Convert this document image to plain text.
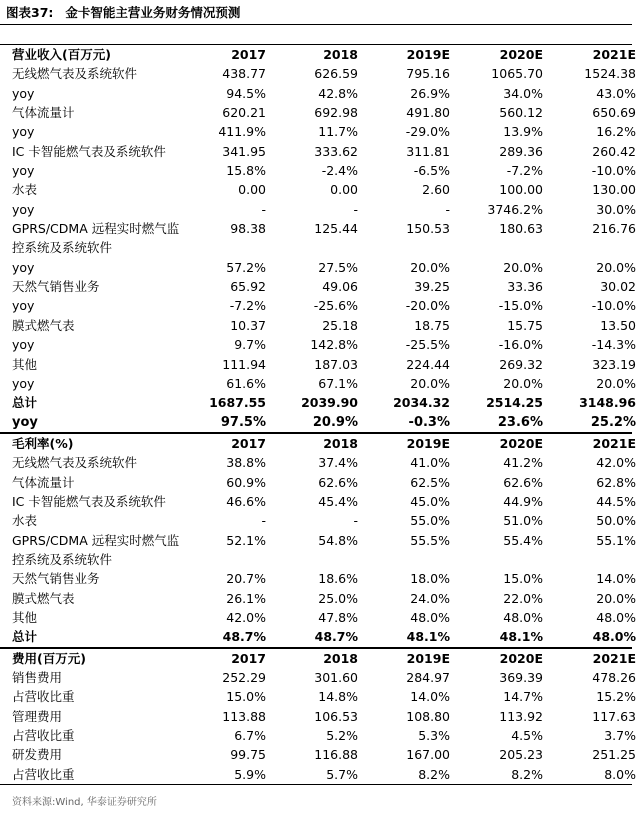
图表37: 金卡智能主营业务财务情况预测
营业收入(百万元)	2017	2018	2019E	2020E	2021E
无线燃气表及系统软件	438.77	626.59	795.16	1065.70	1524.38
yoy	94.5%	42.8%	26.9%	34.0%	43.0%
气体流量计	620.21	692.98	491.80	560.12	650.69
yoy	411.9%	11.7%	-29.0%	13.9%	16.2%
IC 卡智能燃气表及系统软件	341.95	333.62	311.81	289.36	260.42
yoy	15.8%	-2.4%	-6.5%	-7.2%	-10.0%
水表	0.00	0.00	2.60	100.00	130.00
yoy	-	-	-	3746.2%	30.0%
GPRS/CDMA 远程实时燃气监	98.38	125.44	150.53	180.63	216.76
控系统及系统软件
yoy	57.2%	27.5%	20.0%	20.0%	20.0%
天然气销售业务	65.92	49.06	39.25	33.36	30.02
yoy	-7.2%	-25.6%	-20.0%	-15.0%	-10.0%
膜式燃气表	10.37	25.18	18.75	15.75	13.50
yoy	9.7%	142.8%	-25.5%	-16.0%	-14.3%
其他	111.94	187.03	224.44	269.32	323.19
yoy	61.6%	67.1%	20.0%	20.0%	20.0%
总计	1687.55	2039.90	2034.32	2514.25	3148.96
yoy	97.5%	20.9%	-0.3%	23.6%	25.2%
毛利率(%)	2017	2018	2019E	2020E	2021E
无线燃气表及系统软件	38.8%	37.4%	41.0%	41.2%	42.0%
气体流量计	60.9%	62.6%	62.5%	62.6%	62.8%
IC 卡智能燃气表及系统软件	46.6%	45.4%	45.0%	44.9%	44.5%
水表	-	-	55.0%	51.0%	50.0%
GPRS/CDMA 远程实时燃气监	52.1%	54.8%	55.5%	55.4%	55.1%
控系统及系统软件
天然气销售业务	20.7%	18.6%	18.0%	15.0%	14.0%
膜式燃气表	26.1%	25.0%	24.0%	22.0%	20.0%
其他	42.0%	47.8%	48.0%	48.0%	48.0%
总计	48.7%	48.7%	48.1%	48.1%	48.0%
费用(百万元)	2017	2018	2019E	2020E	2021E
销售费用	252.29	301.60	284.97	369.39	478.26
占营收比重	15.0%	14.8%	14.0%	14.7%	15.2%
管理费用	113.88	106.53	108.80	113.92	117.63
占营收比重	6.7%	5.2%	5.3%	4.5%	3.7%
研发费用	99.75	116.88	167.00	205.23	251.25
占营收比重	5.9%	5.7%	8.2%	8.2%	8.0%
资料来源:Wind, 华泰证券研究所
